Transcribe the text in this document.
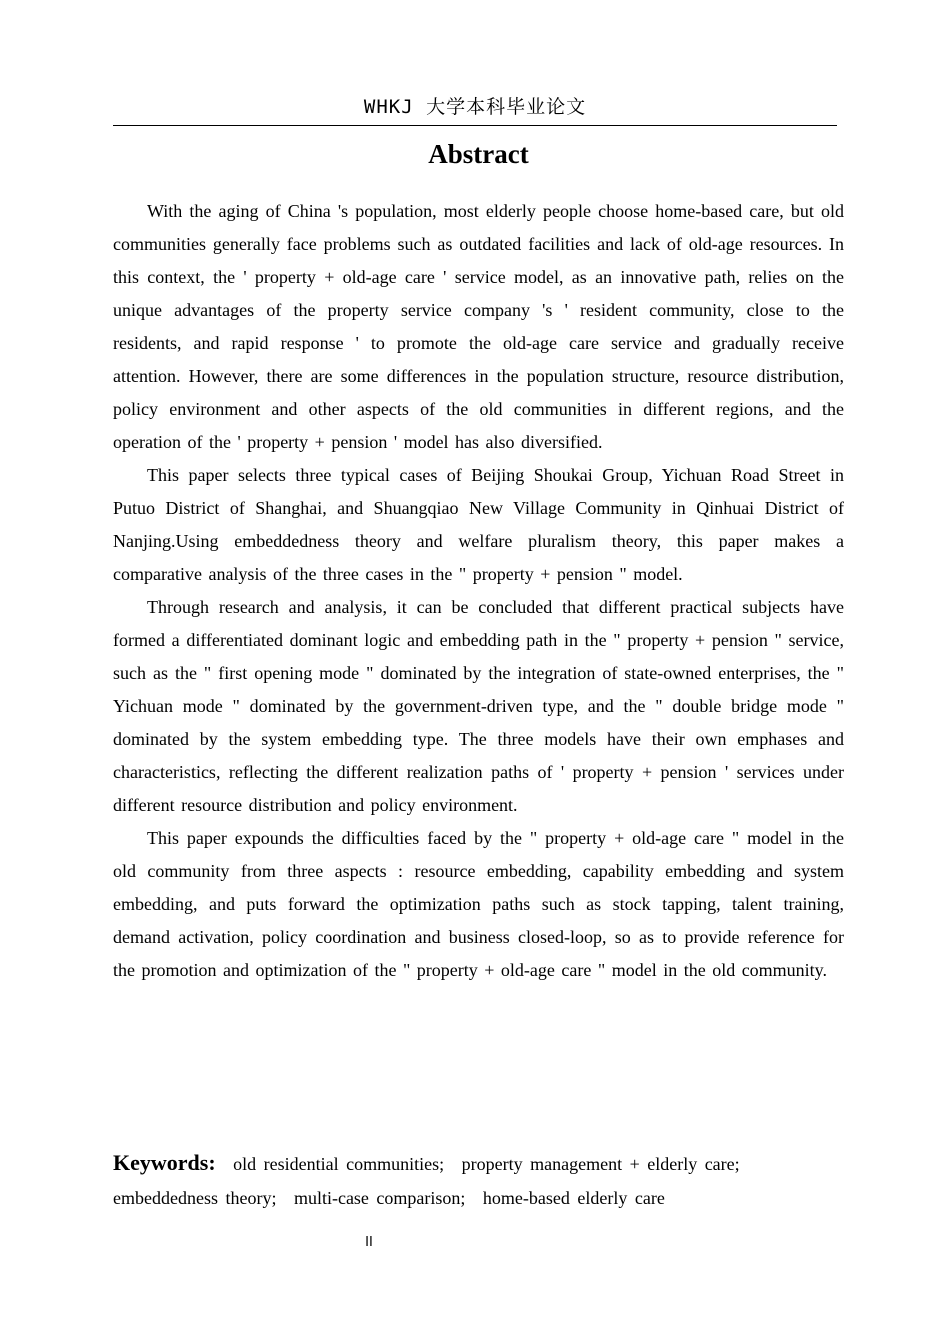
WHKJ 大学本科毕业论文
Abstract

With the aging of China 's population, most elderly people choose home-based care, but old communities generally face problems such as outdated facilities and lack of old-age resources. In this context, the ' property + old-age care ' service model, as an innovative path, relies on the unique advantages of the property service company 's ' resident community, close to the residents, and rapid response ' to promote the old-age care service and gradually receive attention. However, there are some differences in the population structure, resource distribution, policy environment and other aspects of the old communities in different regions, and the operation of the ' property + pension ' model has also diversified.

This paper selects three typical cases of Beijing Shoukai Group, Yichuan Road Street in Putuo District of Shanghai, and Shuangqiao New Village Community in Qinhuai District of Nanjing.Using embeddedness theory and welfare pluralism theory, this paper makes a comparative analysis of the three cases in the " property + pension " model.

Through research and analysis, it can be concluded that different practical subjects have formed a differentiated dominant logic and embedding path in the " property + pension " service, such as the " first opening mode " dominated by the integration of state-owned enterprises, the " Yichuan mode " dominated by the government-driven type, and the " double bridge mode " dominated by the system embedding type. The three models have their own emphases and characteristics, reflecting the different realization paths of ' property + pension ' services under different resource distribution and policy environment.

This paper expounds the difficulties faced by the " property + old-age care " model in the old community from three aspects : resource embedding, capability embedding and system embedding, and puts forward the optimization paths such as stock tapping, talent training, demand activation, policy coordination and business closed-loop, so as to provide reference for the promotion and optimization of the " property + old-age care " model in the old community.

Keywords: old residential communities; property management + elderly care; embeddedness theory; multi-case comparison; home-based elderly care
II
